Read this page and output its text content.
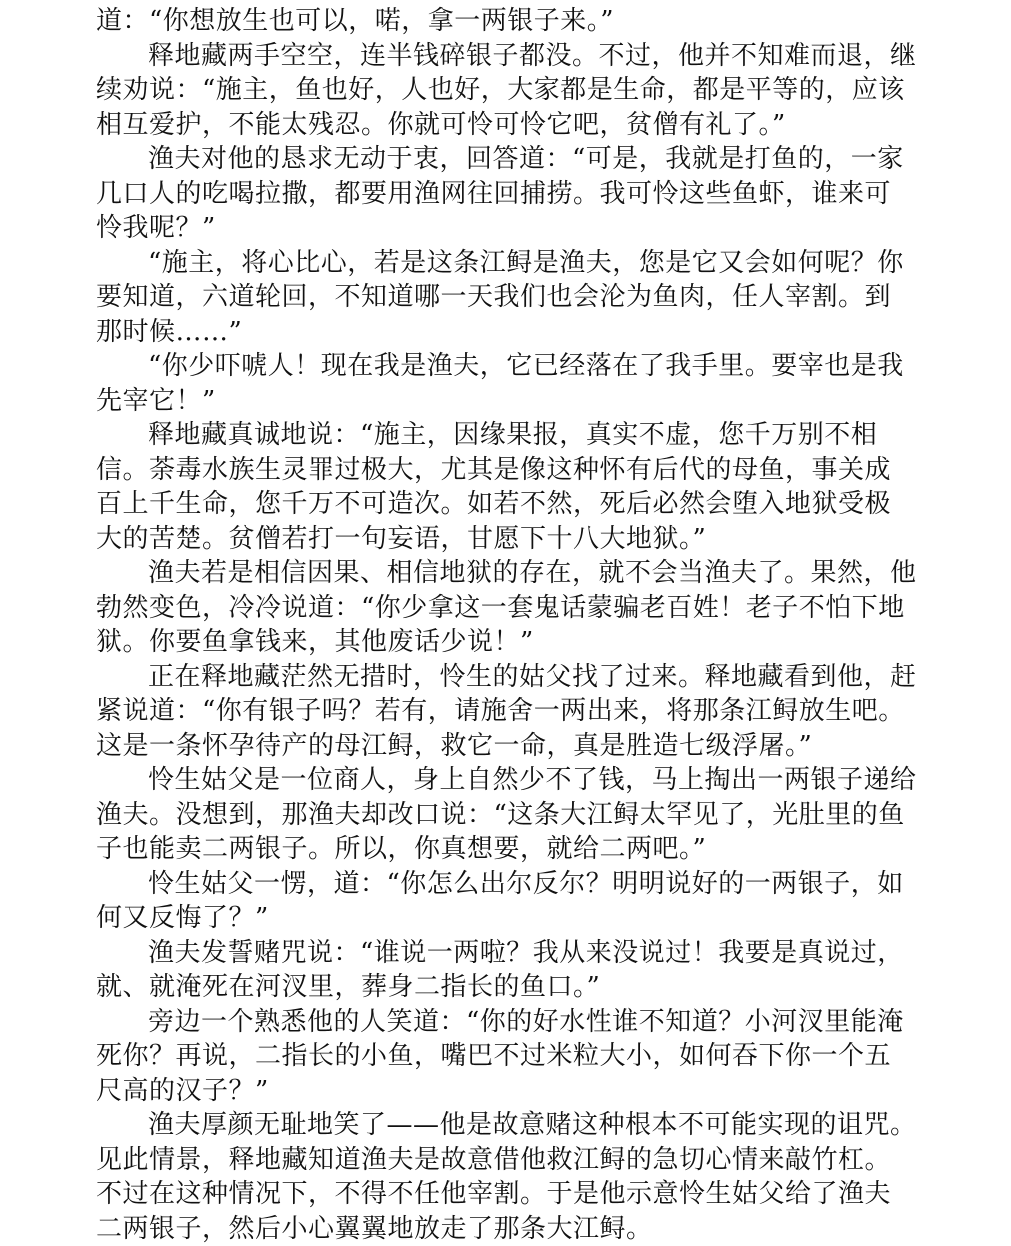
道：“你想放生也可以，喏，拿一两银子来。”
释地藏两手空空，连半钱碎银子都没。不过，他并不知难而退，继
续劝说：“施主，鱼也好，人也好，大家都是生命，都是平等的，应该
相互爱护，不能太残忍。你就可怜可怜它吧，贫僧有礼了。”
渔夫对他的恳求无动于衷，回答道：“可是，我就是打鱼的，一家
几口人的吃喝拉撒，都要用渔网往回捕捞。我可怜这些鱼虾，谁来可
怜我呢？”
“施主，将心比心，若是这条江鲟是渔夫，您是它又会如何呢？你
要知道，六道轮回，不知道哪一天我们也会沦为鱼肉，任人宰割。到
那时候……”
“你少吓唬人！现在我是渔夫，它已经落在了我手里。要宰也是我
先宰它！”
释地藏真诚地说：“施主，因缘果报，真实不虚，您千万别不相
信。荼毒水族生灵罪过极大，尤其是像这种怀有后代的母鱼，事关成
百上千生命，您千万不可造次。如若不然，死后必然会堕入地狱受极
大的苦楚。贫僧若打一句妄语，甘愿下十八大地狱。”
渔夫若是相信因果、相信地狱的存在，就不会当渔夫了。果然，他
勃然变色，冷冷说道：“你少拿这一套鬼话蒙骗老百姓！老子不怕下地
狱。你要鱼拿钱来，其他废话少说！”
正在释地藏茫然无措时，怜生的姑父找了过来。释地藏看到他，赶
紧说道：“你有银子吗？若有，请施舍一两出来，将那条江鲟放生吧。
这是一条怀孕待产的母江鲟，救它一命，真是胜造七级浮屠。”
怜生姑父是一位商人，身上自然少不了钱，马上掏出一两银子递给
渔夫。没想到，那渔夫却改口说：“这条大江鲟太罕见了，光肚里的鱼
子也能卖二两银子。所以，你真想要，就给二两吧。”
怜生姑父一愣，道：“你怎么出尔反尔？明明说好的一两银子，如
何又反悔了？”
渔夫发誓赌咒说：“谁说一两啦？我从来没说过！我要是真说过，
就、就淹死在河汊里，葬身二指长的鱼口。”
旁边一个熟悉他的人笑道：“你的好水性谁不知道？小河汊里能淹
死你？再说，二指长的小鱼，嘴巴不过米粒大小，如何吞下你一个五
尺高的汉子？”
渔夫厚颜无耻地笑了——他是故意赌这种根本不可能实现的诅咒。
见此情景，释地藏知道渔夫是故意借他救江鲟的急切心情来敲竹杠。
不过在这种情况下，不得不任他宰割。于是他示意怜生姑父给了渔夫
二两银子，然后小心翼翼地放走了那条大江鲟。
